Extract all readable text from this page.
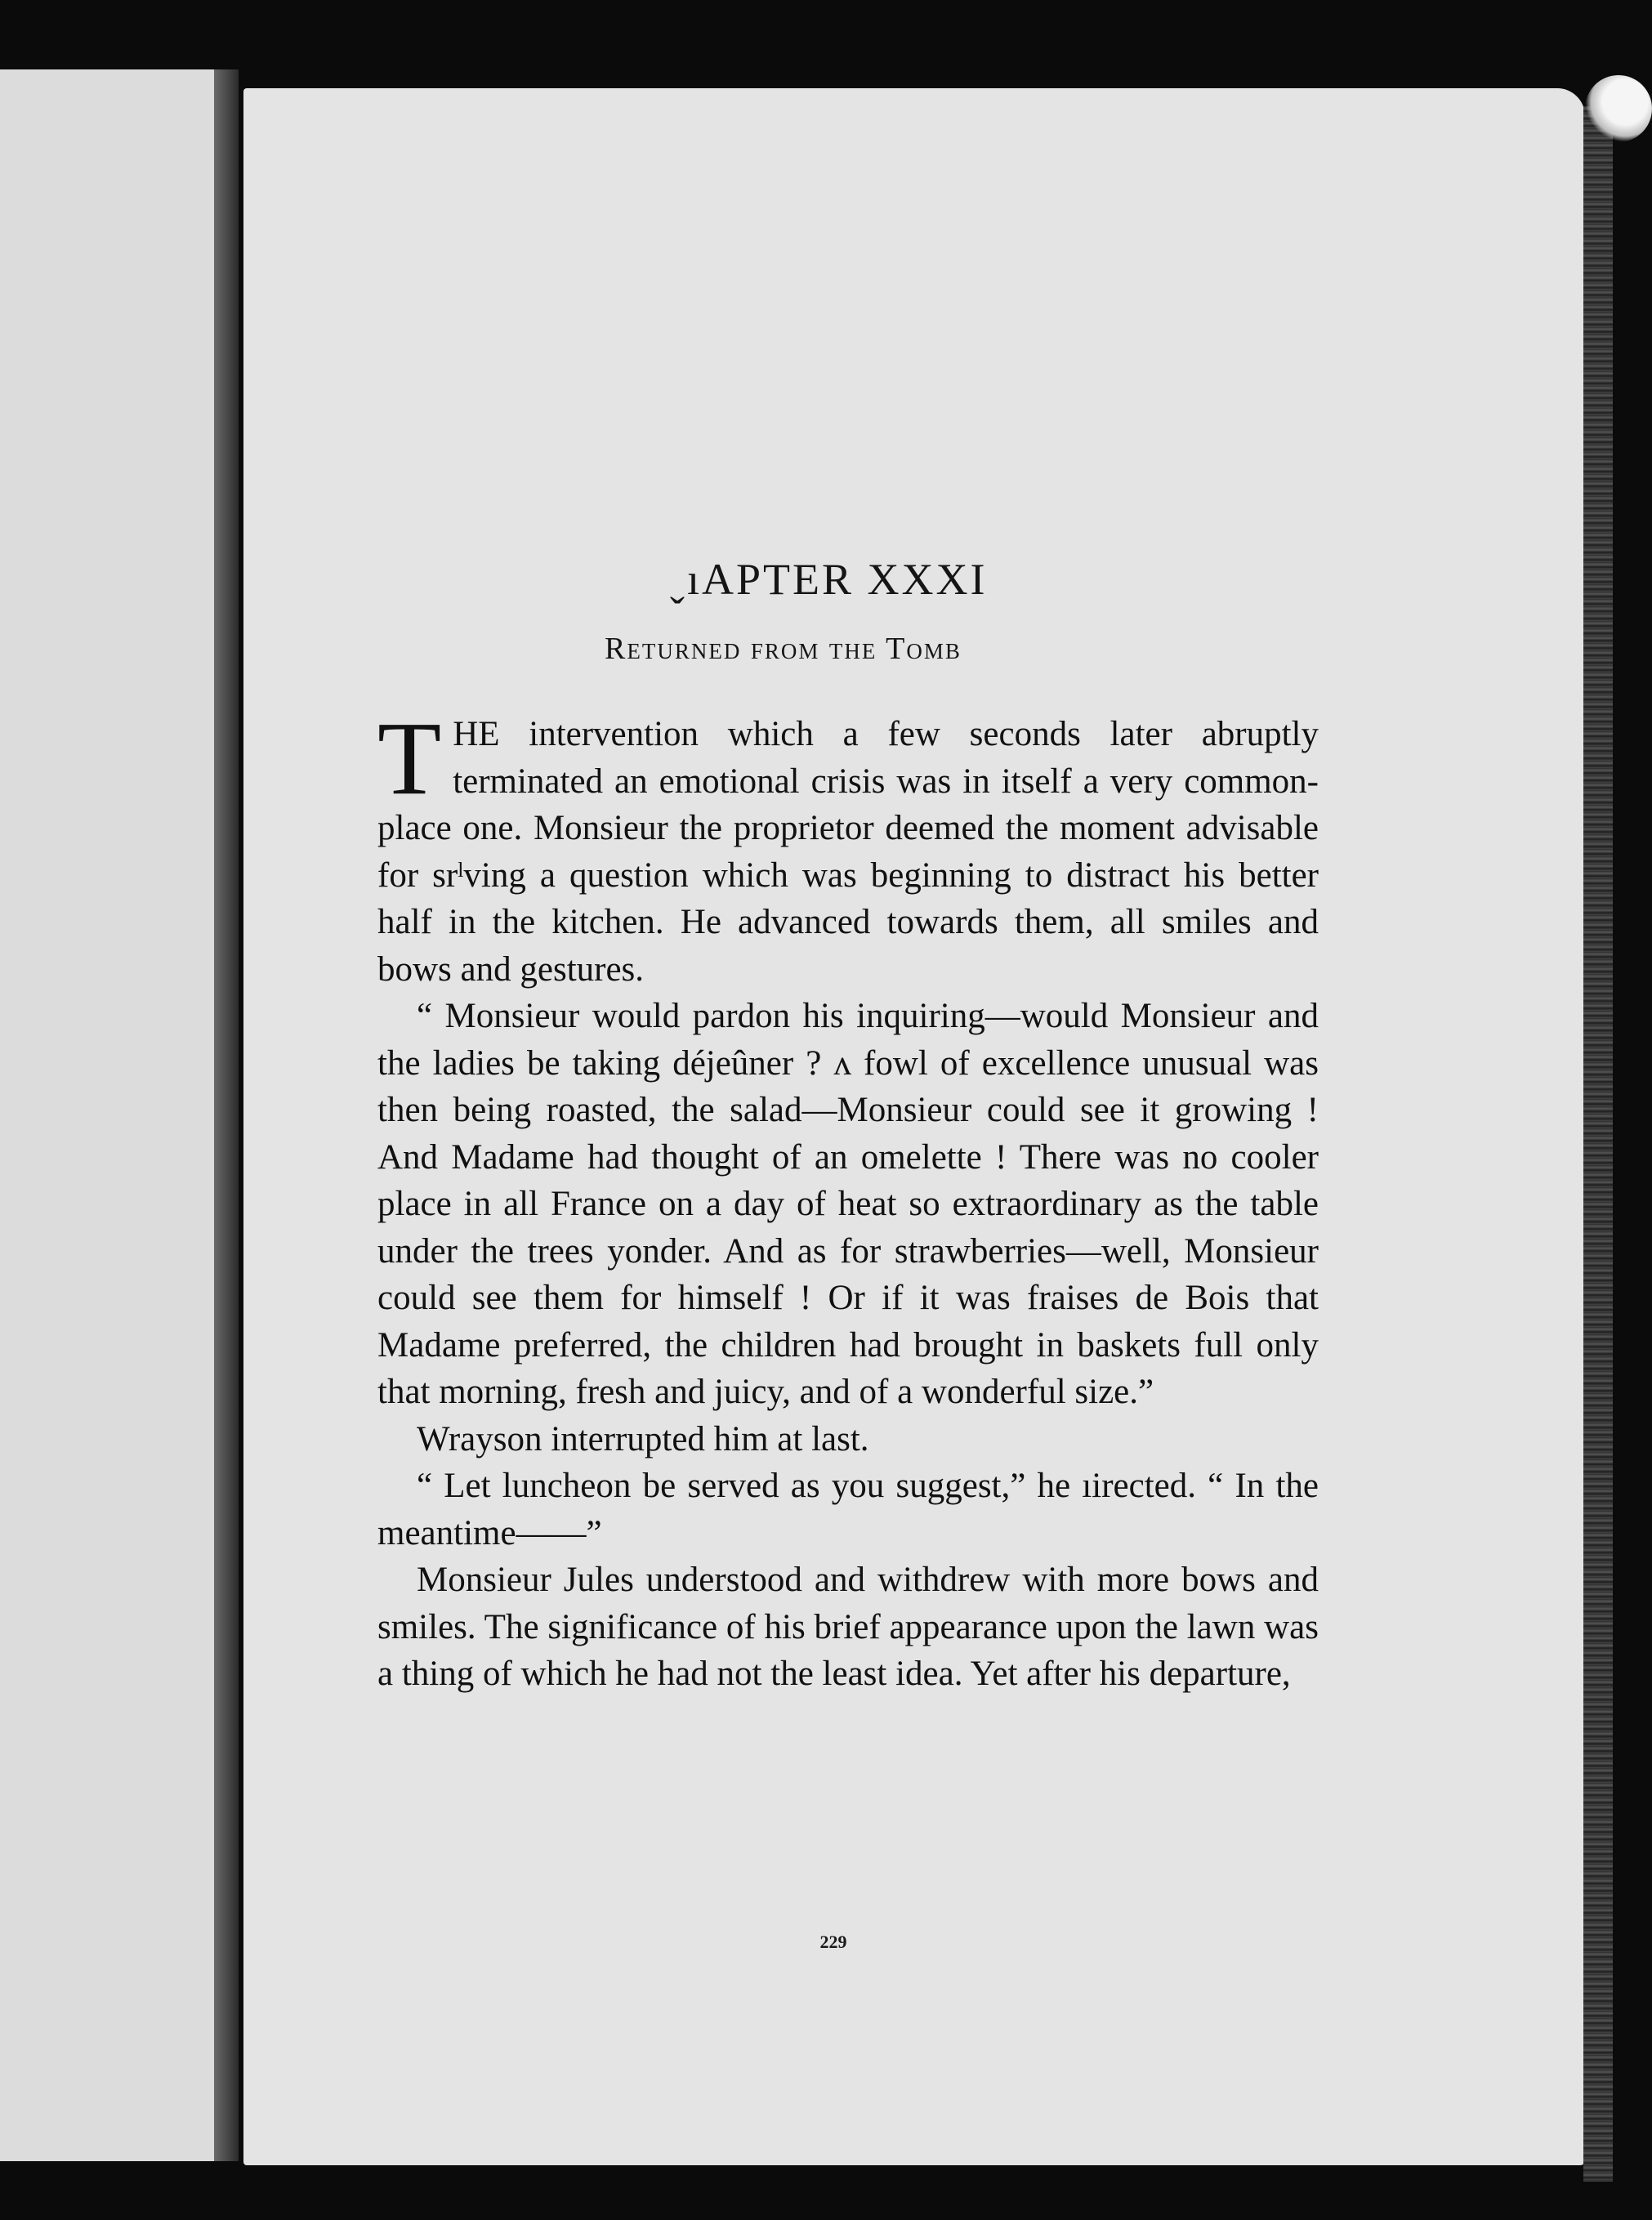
ˬıAPTER XXXI
Returned from the Tomb

THE intervention which a few seconds later abruptly terminated an emotional crisis was in itself a very common-place one. Monsieur the proprietor deemed the moment advisable for srˡving a question which was beginning to distract his better half in the kitchen. He advanced towards them, all smiles and bows and gestures.

“ Monsieur would pardon his inquiring—would Monsieur and the ladies be taking déjeûner ? ʌ fowl of excellence unusual was then being roasted, the salad—Monsieur could see it growing ! And Madame had thought of an omelette ! There was no cooler place in all France on a day of heat so extraordinary as the table under the trees yonder. And as for strawberries—well, Monsieur could see them for himself ! Or if it was fraises de Bois that Madame preferred, the children had brought in baskets full only that morning, fresh and juicy, and of a wonderful size.”

Wrayson interrupted him at last.

“ Let luncheon be served as you suggest,” he ıirected. “ In the meantime——”

Monsieur Jules understood and withdrew with more bows and smiles. The significance of his brief appearance upon the lawn was a thing of which he had not the least idea. Yet after his departure,

229
